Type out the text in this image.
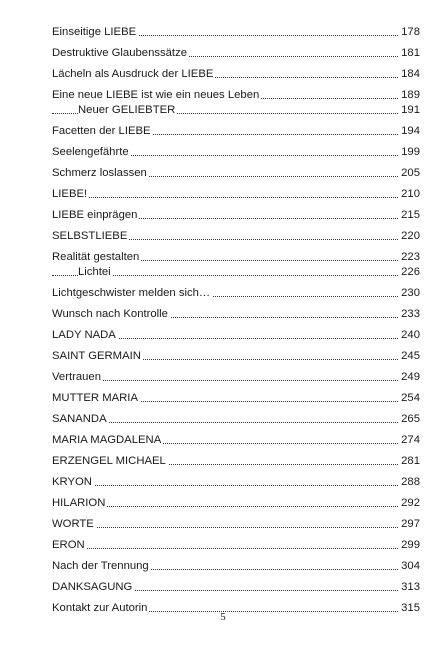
Einseitige LIEBE	178
Destruktive Glaubenssätze	181
Lächeln als Ausdruck der LIEBE	184
Eine neue LIEBE ist wie ein neues Leben	189
Neuer GELIEBTER	191
Facetten der LIEBE	194
Seelengefährte	199
Schmerz loslassen	205
LIEBE!	210
LIEBE einprägen	215
SELBSTLIEBE	220
Realität gestalten	223
Lichtei	226
Lichtgeschwister melden sich…	230
Wunsch nach Kontrolle	233
LADY NADA	240
SAINT GERMAIN	245
Vertrauen	249
MUTTER MARIA	254
SANANDA	265
MARIA MAGDALENA	274
ERZENGEL MICHAEL	281
KRYON	288
HILARION	292
WORTE	297
ERON	299
Nach der Trennung	304
DANKSAGUNG	313
Kontakt zur Autorin	315
5
